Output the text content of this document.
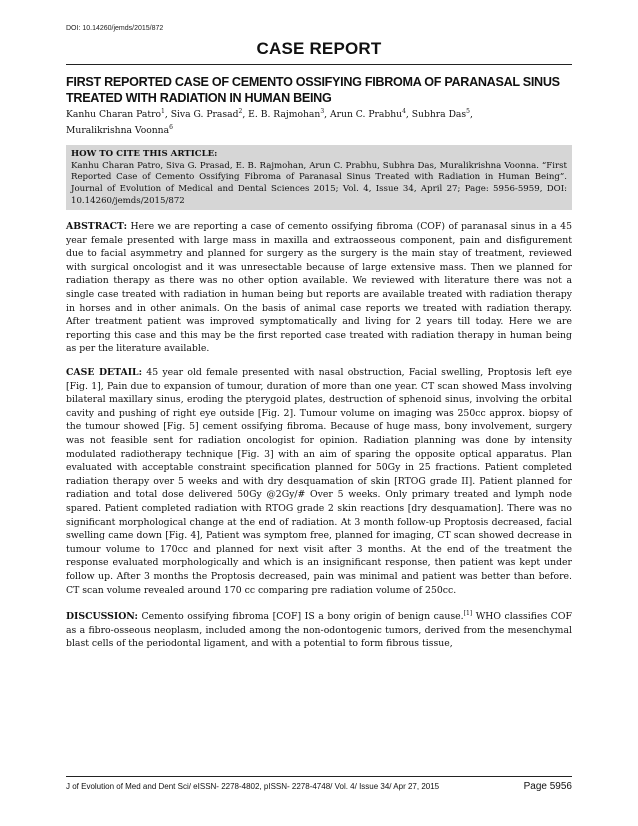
DOI: 10.14260/jemds/2015/872
CASE REPORT
FIRST REPORTED CASE OF CEMENTO OSSIFYING FIBROMA OF PARANASAL SINUS TREATED WITH RADIATION IN HUMAN BEING
Kanhu Charan Patro$^1$, Siva G. Prasad$^2$, E. B. Rajmohan$^3$, Arun C. Prabhu$^4$, Subhra Das$^5$,
Muralikrishna Voonna$^6$
HOW TO CITE THIS ARTICLE:
Kanhu Charan Patro, Siva G. Prasad, E. B. Rajmohan, Arun C. Prabhu, Subhra Das, Muralikrishna Voonna. “First Reported Case of Cemento Ossifying Fibroma of Paranasal Sinus Treated with Radiation in Human Being”. Journal of Evolution of Medical and Dental Sciences 2015; Vol. 4, Issue 34, April 27; Page: 5956-5959, DOI: 10.14260/jemds/2015/872

ABSTRACT: Here we are reporting a case of cemento ossifying fibroma (COF) of paranasal sinus in a 45 year female presented with large mass in maxilla and extraosseous component, pain and disfigurement due to facial asymmetry and planned for surgery as the surgery is the main stay of treatment, reviewed with surgical oncologist and it was unresectable because of large extensive mass. Then we planned for radiation therapy as there was no other option available. We reviewed with literature there was not a single case treated with radiation in human being but reports are available treated with radiation therapy in horses and in other animals. On the basis of animal case reports we treated with radiation therapy. After treatment patient was improved symptomatically and living for 2 years till today. Here we are reporting this case and this may be the first reported case treated with radiation therapy in human being as per the literature available.

CASE DETAIL: 45 year old female presented with nasal obstruction, Facial swelling, Proptosis left eye [Fig. 1], Pain due to expansion of tumour, duration of more than one year. CT scan showed Mass involving bilateral maxillary sinus, eroding the pterygoid plates, destruction of sphenoid sinus, involving the orbital cavity and pushing of right eye outside [Fig. 2]. Tumour volume on imaging was 250cc approx. biopsy of the tumour showed [Fig. 5] cement ossifying fibroma. Because of huge mass, bony involvement, surgery was not feasible sent for radiation oncologist for opinion. Radiation planning was done by intensity modulated radiotherapy technique [Fig. 3] with an aim of sparing the opposite optical apparatus. Plan evaluated with acceptable constraint specification planned for 50Gy in 25 fractions. Patient completed radiation therapy over 5 weeks and with dry desquamation of skin [RTOG grade II]. Patient planned for radiation and total dose delivered 50Gy @2Gy/# Over 5 weeks. Only primary treated and lymph node spared. Patient completed radiation with RTOG grade 2 skin reactions [dry desquamation]. There was no significant morphological change at the end of radiation. At 3 month follow-up Proptosis decreased, facial swelling came down [Fig. 4], Patient was symptom free, planned for imaging, CT scan showed decrease in tumour volume to 170cc and planned for next visit after 3 months. At the end of the treatment the response evaluated morphologically and which is an insignificant response, then patient was kept under follow up. After 3 months the Proptosis decreased, pain was minimal and patient was better than before. CT scan volume revealed around 170 cc comparing pre radiation volume of 250cc.

DISCUSSION: Cemento ossifying fibroma [COF] IS a bony origin of benign cause.[1] WHO classifies COF as a fibro-osseous neoplasm, included among the non-odontogenic tumors, derived from the mesenchymal blast cells of the periodontal ligament, and with a potential to form fibrous tissue,

J of Evolution of Med and Dent Sci/ eISSN- 2278-4802, pISSN- 2278-4748/ Vol. 4/ Issue 34/ Apr 27, 2015	Page 5956
